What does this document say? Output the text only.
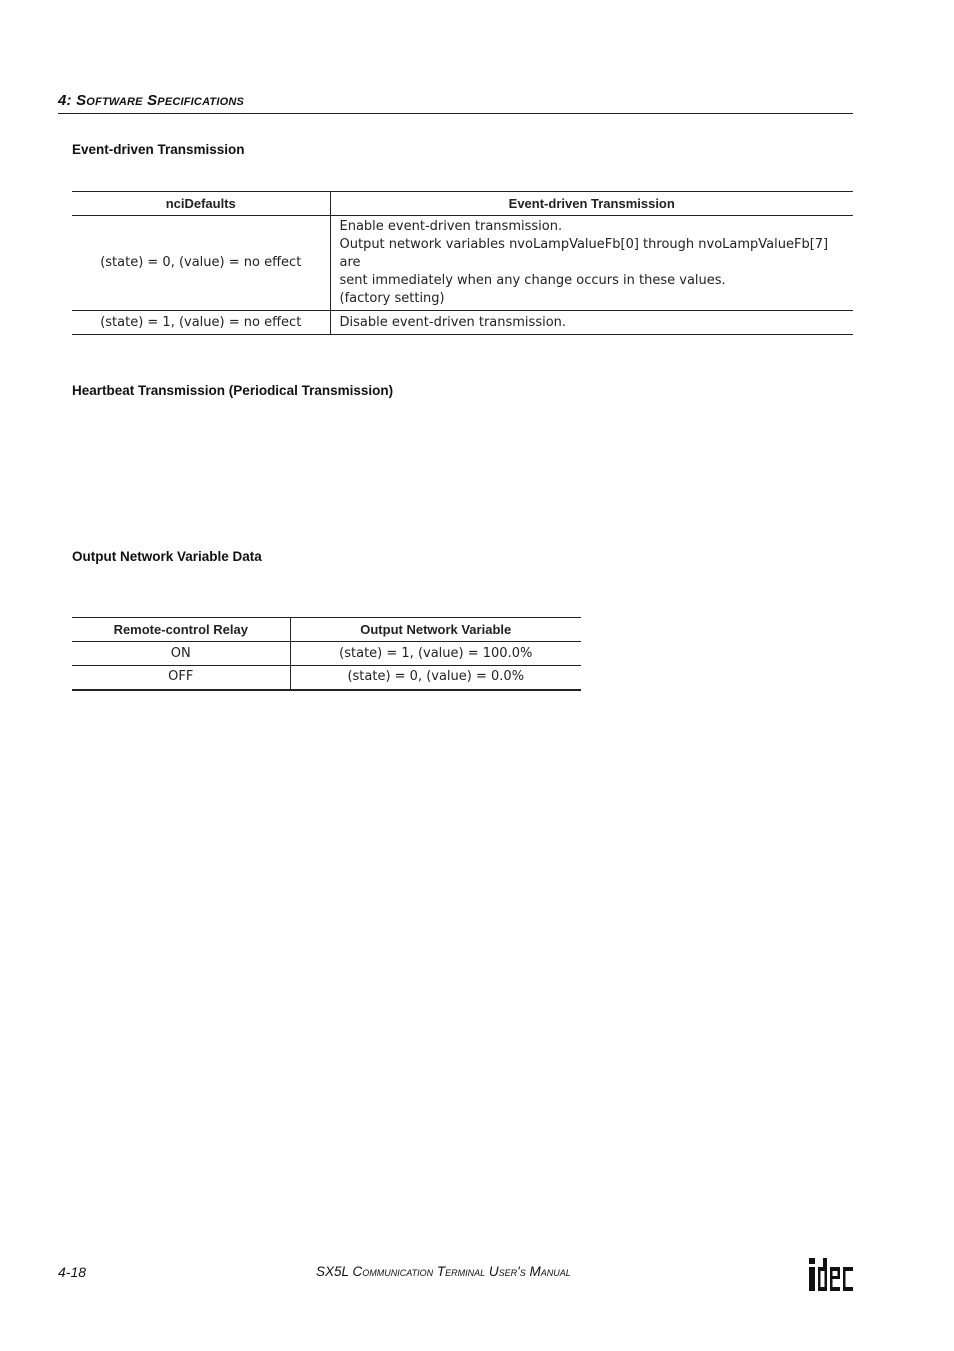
4: Software Specifications
Event-driven Transmission
nciDefaults	Event-driven Transmission
(state) = 0, (value) = no effect	Enable event-driven transmission.
Output network variables nvoLampValueFb[0] through nvoLampValueFb[7] are
sent immediately when any change occurs in these values.
(factory setting)

(state) = 1, (value) = no effect	Disable event-driven transmission.
Heartbeat Transmission (Periodical Transmission)
Output Network Variable Data
Remote-control Relay	Output Network Variable
ON	(state) = 1, (value) = 100.0%
OFF	(state) = 0, (value) = 0.0%
4-18	SX5L Communication Terminal User's Manual
